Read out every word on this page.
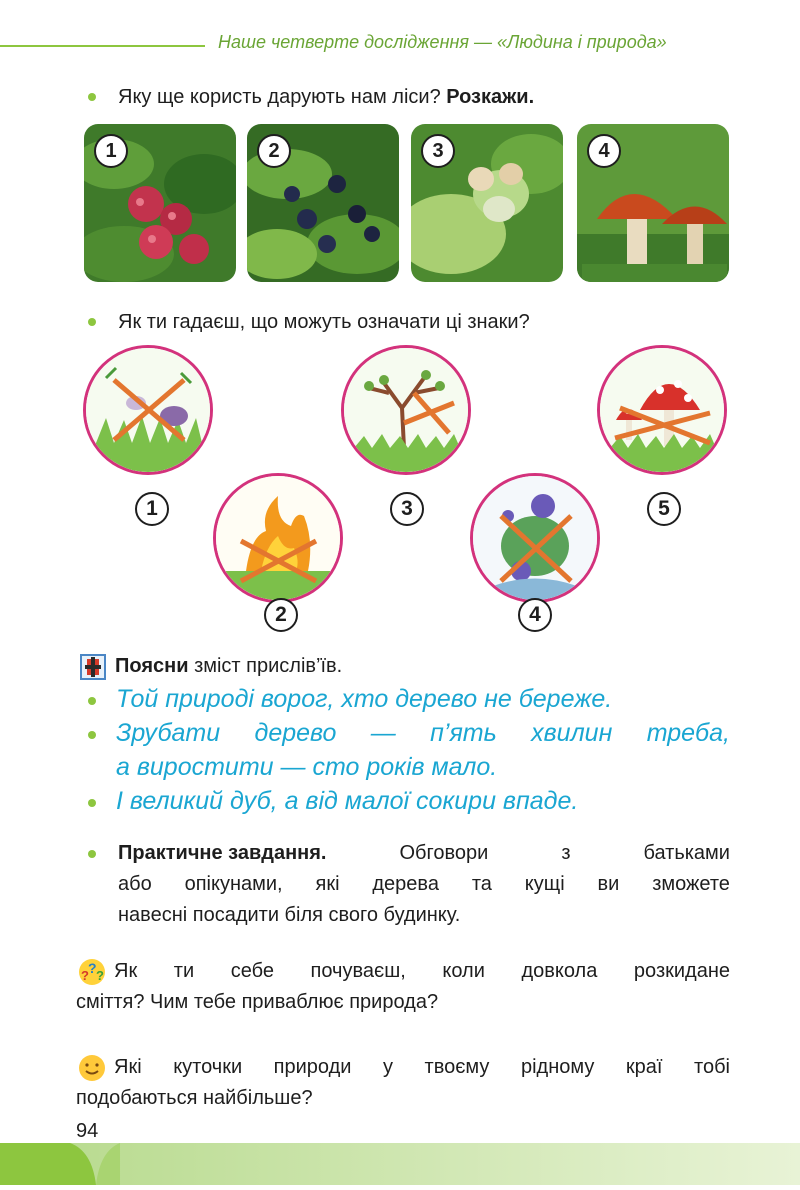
Наше четверте дослідження — «Людина і природа»
Яку ще користь дарують нам ліси? Розкажи.
1	2	3	4
Як ти гадаєш, що можуть означати ці знаки?
1
2
3
4
5
Поясни зміст прислів’їв.
Той природі ворог, хто дерево не береже.
Зрубати дерево — п’ять хвилин треба,
а виростити — сто років мало.
І великий дуб, а від малої сокири впаде.
Практичне завдання.	Обговори	з	батьками
або опікунами, які дерева та кущі ви зможете
навесні посадити біля свого будинку.
? ? ? Як ти себе почуваєш, коли довкола розкидане
сміття? Чим тебе приваблює природа?
Які куточки природи у твоєму рідному краї тобі
подобаються найбільше?
94
